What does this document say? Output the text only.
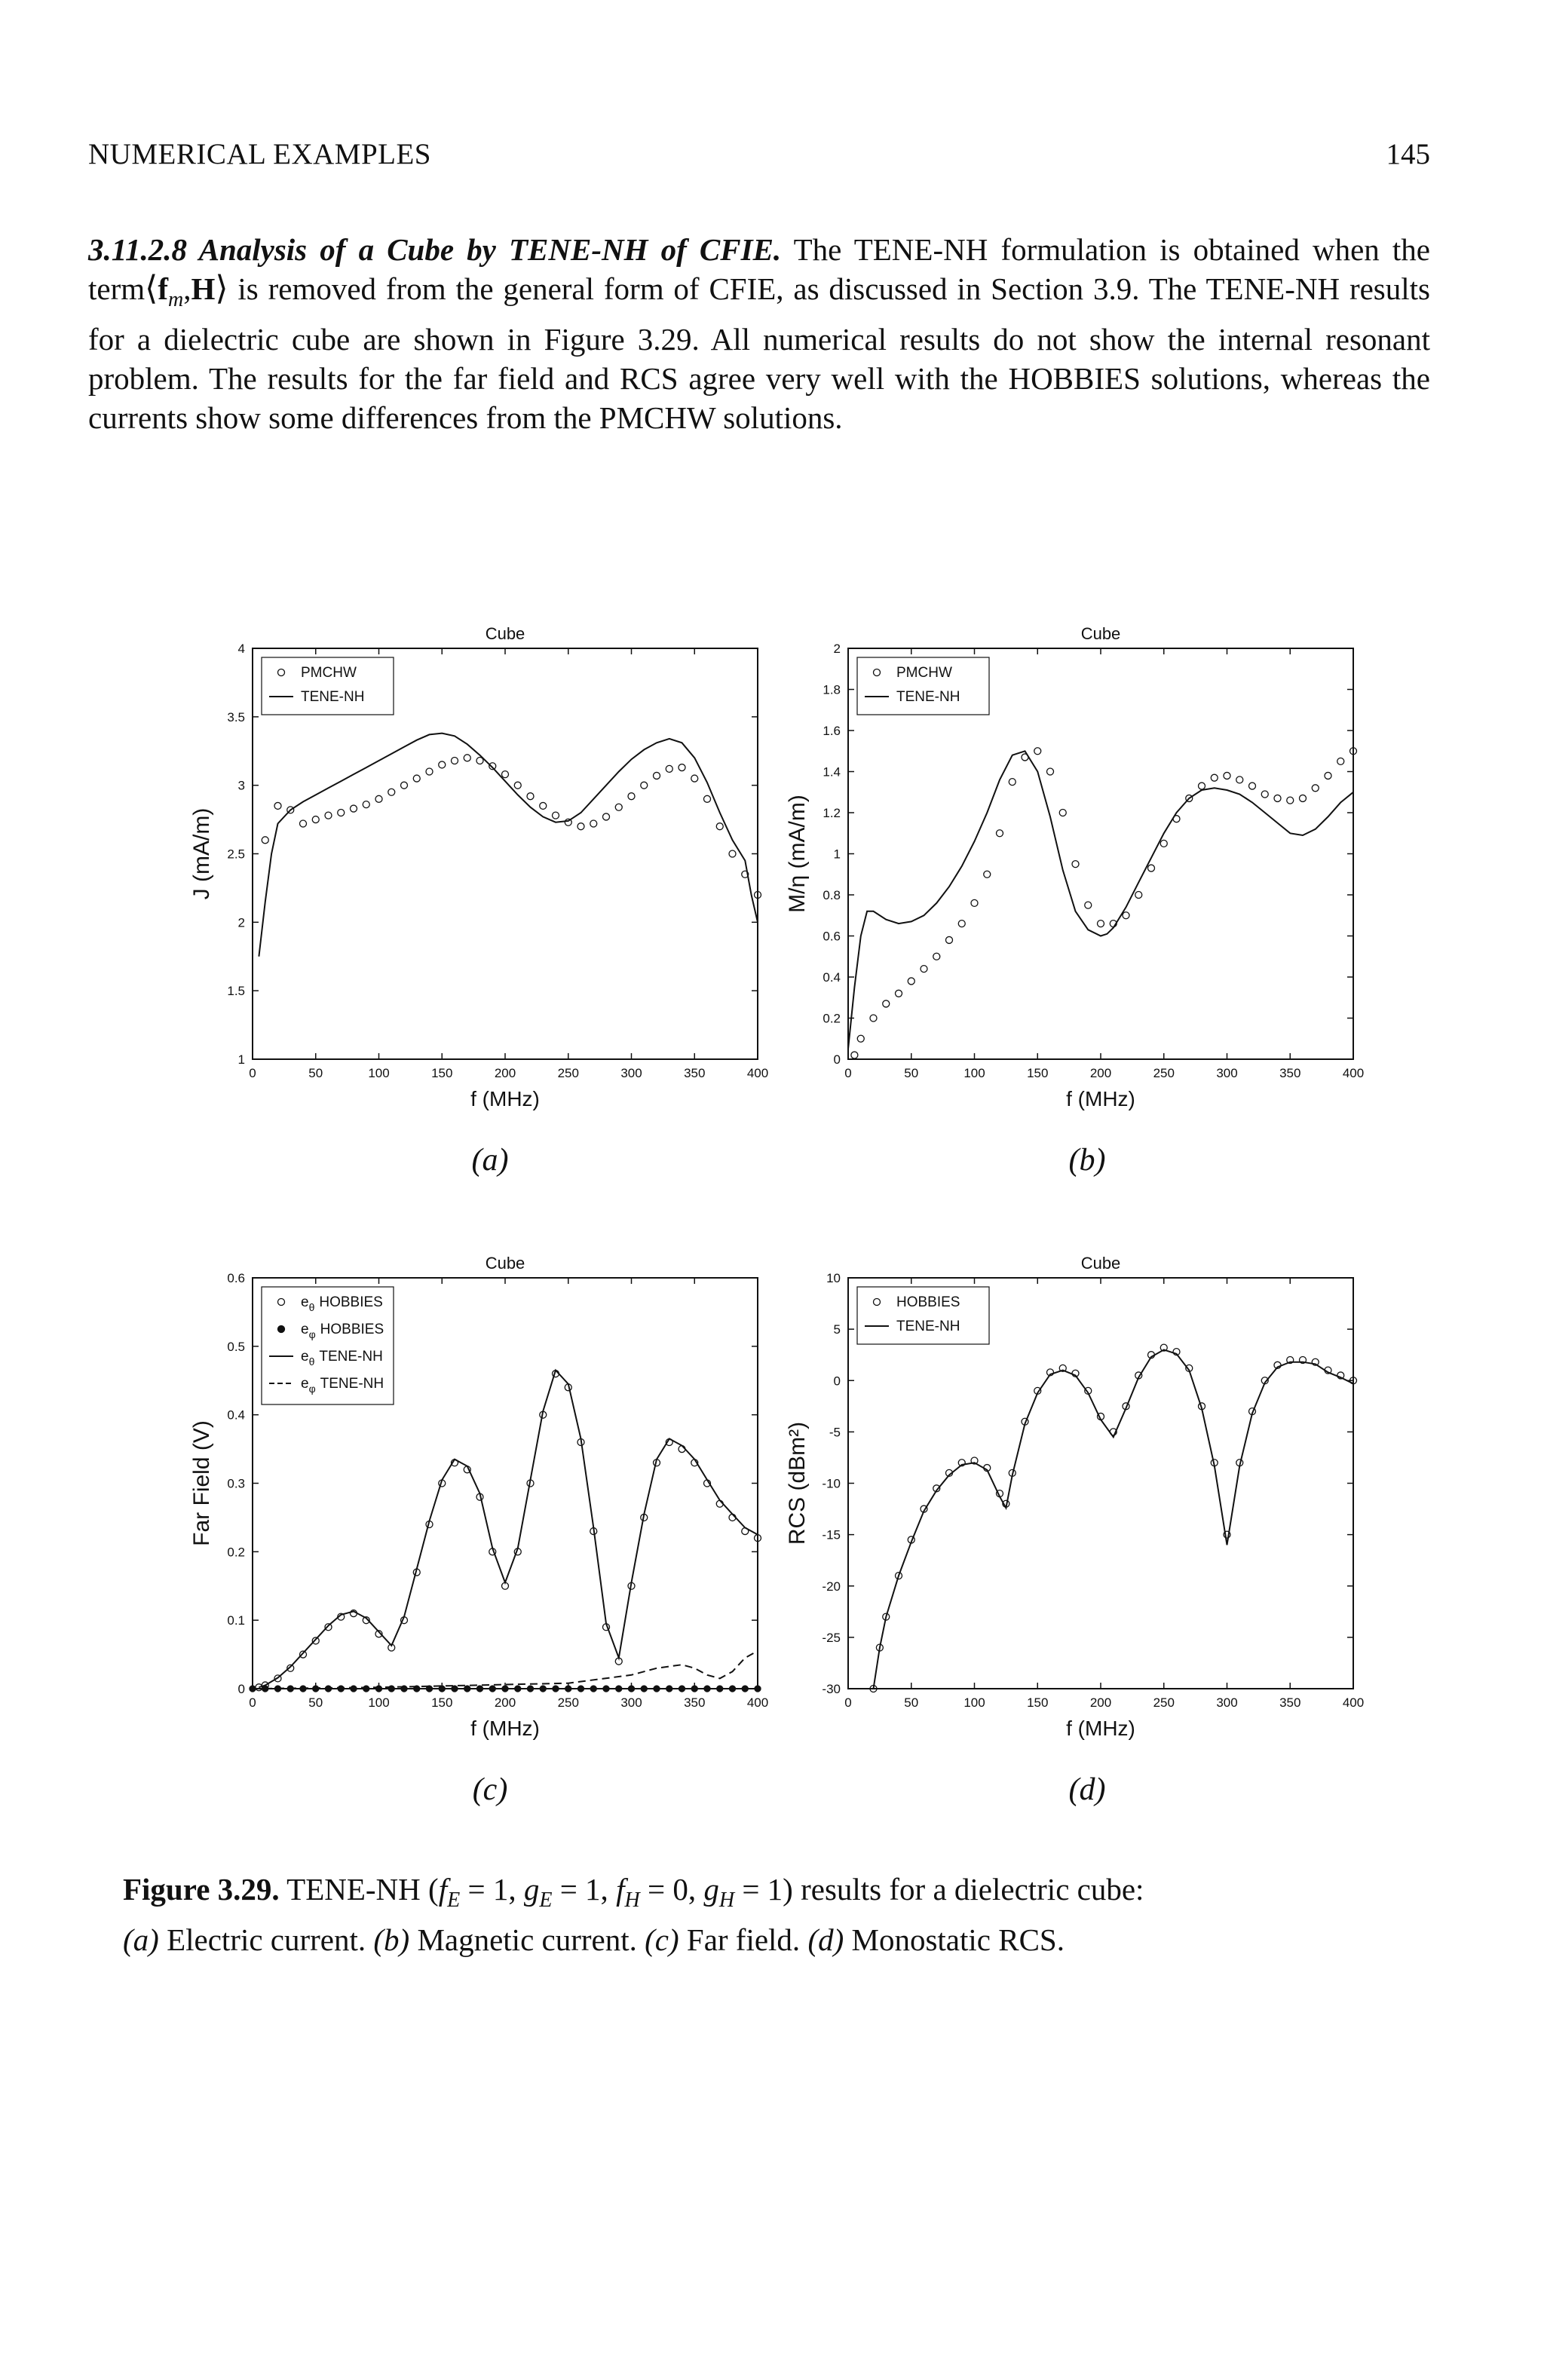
NUMERICAL EXAMPLES	145
3.11.2.8 Analysis of a Cube by TENE-NH of CFIE. The TENE-NH formulation is obtained when the $term⟨f_m,H⟩$ is removed from the general form of CFIE, as discussed in Section 3.9. The TENE-NH results for a dielectric cube are shown in Figure 3.29. All numerical results do not show the internal resonant problem. The results for the far field and RCS agree very well with the HOBBIES solutions, whereas the currents show some differences from the PMCHW solutions.
Cube
0	50	100	150	200	250	300	350	400
1
1.5
2
2.5
3
3.5
4
f (MHz)
J (mA/m)
PMCHW
TENE-NH
(a)
Cube
0	50	100	150	200	250	300	350	400
0
0.2
0.4
0.6
0.8
1
1.2
1.4
1.6
1.8
2
f (MHz)
M/η (mA/m)
PMCHW
TENE-NH
(b)
Cube
0	50	100	150	200	250	300	350	400
0
0.1
0.2
0.3
0.4
0.5
0.6
f (MHz)
Far Field (V)
$e_\theta$ HOBBIES
$e_\varphi$ HOBBIES
$e_\theta$ TENE-NH
$e_\varphi$ TENE-NH
(c)
Cube
0	50	100	150	200	250	300	350	400
-30
-25
-20
-15
-10
-5
0
5
10
f (MHz)
RCS (dBm²)
HOBBIES
TENE-NH
(d)
Figure 3.29. TENE-NH ($f_E = 1$, $g_E = 1$, $f_H = 0$, $g_H = 1$) results for a dielectric cube:
(a) Electric current. (b) Magnetic current. (c) Far field. (d) Monostatic RCS.
